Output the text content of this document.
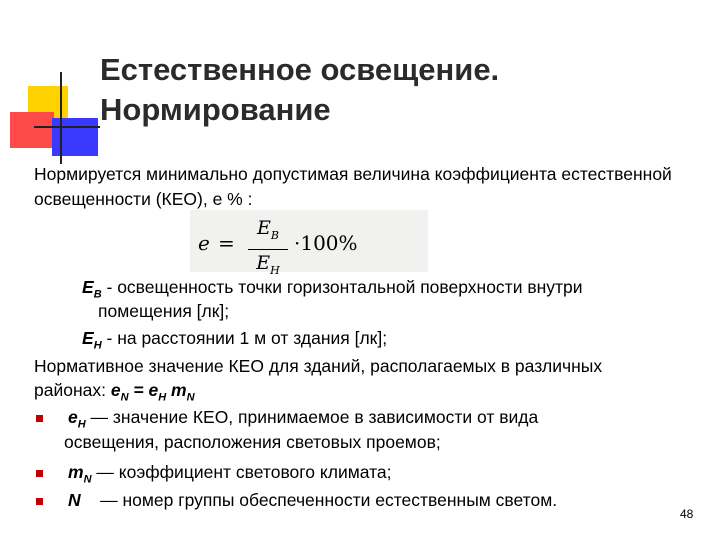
Естественное освещение.
Нормирование

Нормируется минимально допустимая величина коэффициента естественной освещенности (КЕО), е % :

e =
$E_B$
$E_H$
·100%
$E_B$ - освещенность точки горизонтальной поверхности внутри
помещения [лк];
$E_H$ - на расстоянии 1 м от здания [лк];
Нормативное значение КЕО для зданий, располагаемых в различных
районах: $e_N = e_H$ $m_N$
$e_H$ — значение КЕО, принимаемое в зависимости от вида
освещения, расположения световых проемов;
$m_N$ — коэффициент светового климата;
N    — номер группы обеспеченности естественным светом.
48
